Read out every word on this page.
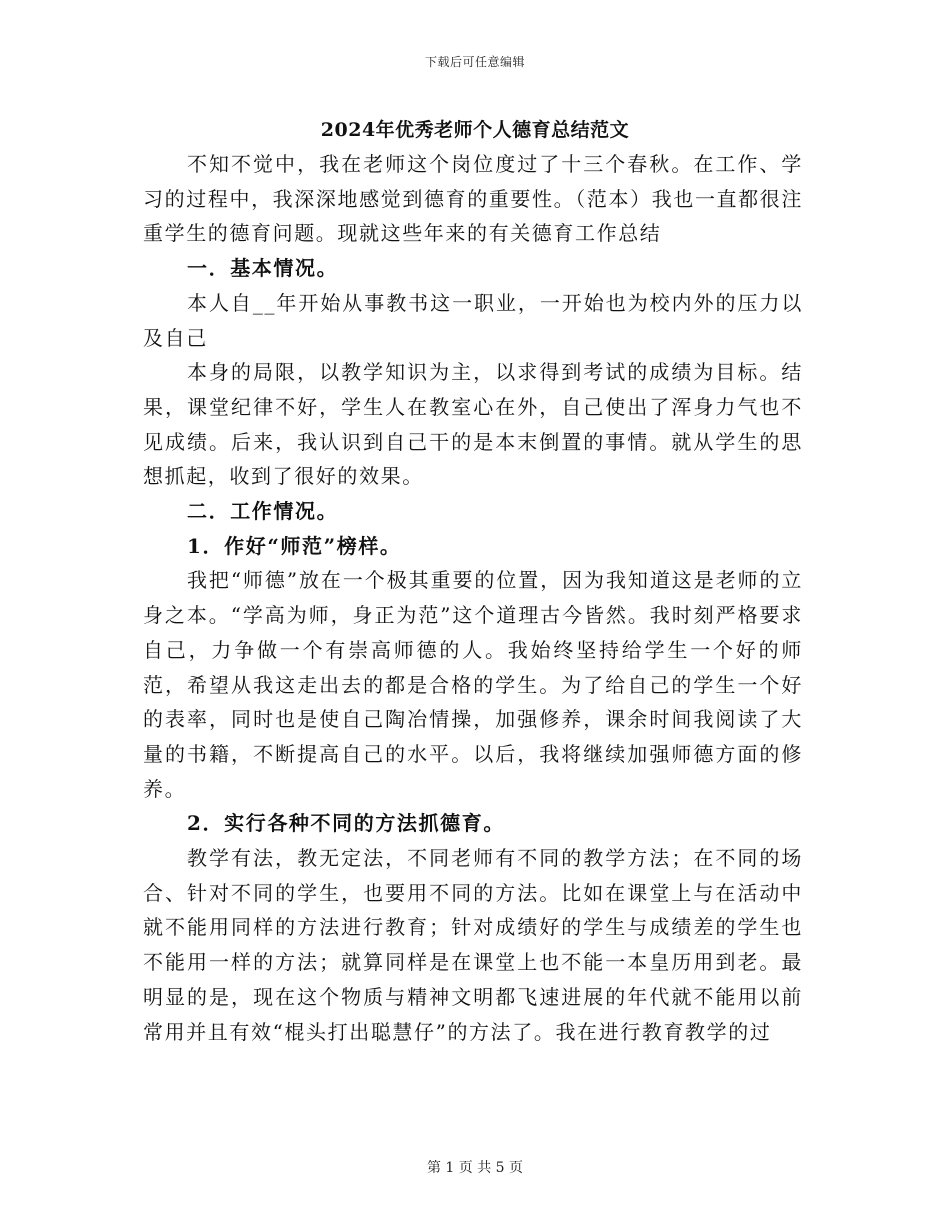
下载后可任意编辑
2024年优秀老师个人德育总结范文

不知不觉中，我在老师这个岗位度过了十三个春秋。在工作、学习的过程中，我深深地感觉到德育的重要性。（范本）我也一直都很注重学生的德育问题。现就这些年来的有关德育工作总结

一．基本情况。

本人自__年开始从事教书这一职业，一开始也为校内外的压力以及自己

本身的局限，以教学知识为主，以求得到考试的成绩为目标。结果，课堂纪律不好，学生人在教室心在外，自己使出了浑身力气也不见成绩。后来，我认识到自己干的是本末倒置的事情。就从学生的思想抓起，收到了很好的效果。

二．工作情况。

1．作好“师范”榜样。

我把“师德”放在一个极其重要的位置，因为我知道这是老师的立身之本。“学高为师，身正为范”这个道理古今皆然。我时刻严格要求自己，力争做一个有崇高师德的人。我始终坚持给学生一个好的师范，希望从我这走出去的都是合格的学生。为了给自己的学生一个好的表率，同时也是使自己陶冶情操，加强修养，课余时间我阅读了大量的书籍，不断提高自己的水平。以后，我将继续加强师德方面的修养。

2．实行各种不同的方法抓德育。

教学有法，教无定法，不同老师有不同的教学方法；在不同的场合、针对不同的学生，也要用不同的方法。比如在课堂上与在活动中就不能用同样的方法进行教育；针对成绩好的学生与成绩差的学生也不能用一样的方法；就算同样是在课堂上也不能一本皇历用到老。最明显的是，现在这个物质与精神文明都飞速进展的年代就不能用以前常用并且有效“棍头打出聪慧仔”的方法了。我在进行教育教学的过

第 1 页 共 5 页
